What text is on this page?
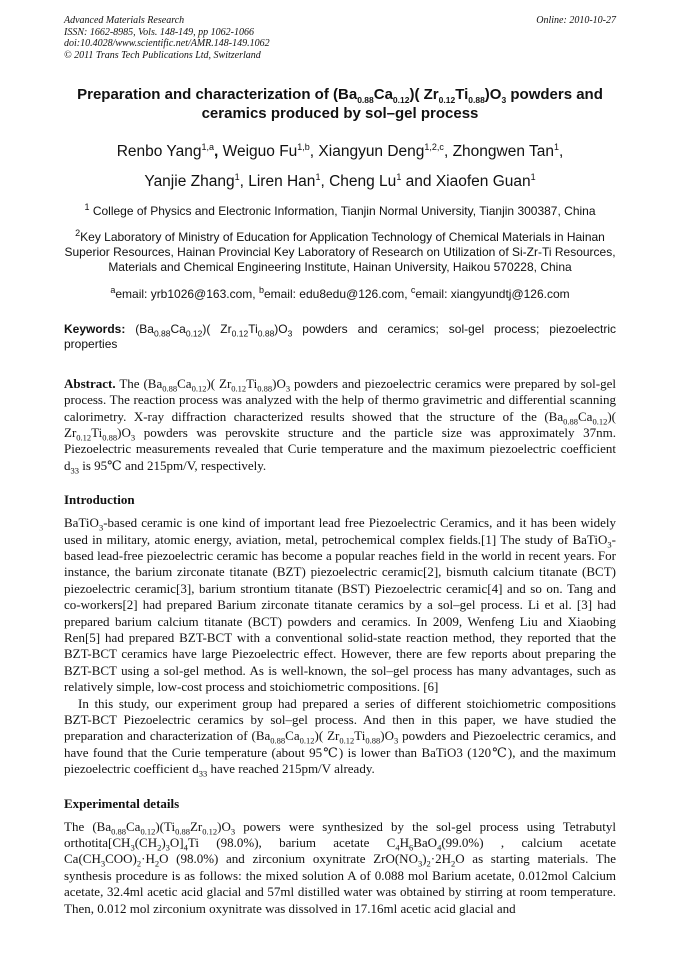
Advanced Materials Research
ISSN: 1662-8985, Vols. 148-149, pp 1062-1066
doi:10.4028/www.scientific.net/AMR.148-149.1062
© 2011 Trans Tech Publications Ltd, Switzerland
Online: 2010-10-27
Preparation and characterization of $(Ba_{0.88}Ca_{0.12})$( $Zr_{0.12}Ti_{0.88})O_3$ powders and ceramics produced by sol–gel process
Renbo Yang$^{1,a}$, Weiguo Fu$^{1,b}$, Xiangyun Deng$^{1,2,c}$, Zhongwen Tan$^1$,
Yanjie Zhang$^1$, Liren Han$^1$, Cheng Lu$^1$ and Xiaofen Guan$^1$
$^1$ College of Physics and Electronic Information, Tianjin Normal University, Tianjin 300387, China
$^2$Key Laboratory of Ministry of Education for Application Technology of Chemical Materials in Hainan Superior Resources, Hainan Provincial Key Laboratory of Research on Utilization of Si-Zr-Ti Resources, Materials and Chemical Engineering Institute, Hainan University, Haikou 570228, China
$^a$email: yrb1026@163.com, $^b$email: edu8edu@126.com, $^c$email: xiangyundtj@126.com
Keywords: $(Ba_{0.88}Ca_{0.12})$( $Zr_{0.12}Ti_{0.88})O_3$ powders and ceramics; sol-gel process; piezoelectric properties
Abstract. The $(Ba_{0.88}Ca_{0.12})$( $Zr_{0.12}Ti_{0.88})O_3$ powders and piezoelectric ceramics were prepared by sol-gel process. The reaction process was analyzed with the help of thermo gravimetric and differential scanning calorimetry. X-ray diffraction characterized results showed that the structure of the $(Ba_{0.88}Ca_{0.12})$( $Zr_{0.12}Ti_{0.88})O_3$ powders was perovskite structure and the particle size was approximately 37nm. Piezoelectric measurements revealed that Curie temperature and the maximum piezoelectric coefficient $d_{33}$ is 95℃ and 215pm/V, respectively.
Introduction

BaTiO$_3$-based ceramic is one kind of important lead free Piezoelectric Ceramics, and it has been widely used in military, atomic energy, aviation, metal, petrochemical complex fields.[1] The study of BaTiO$_3$-based lead-free piezoelectric ceramic has become a popular reaches field in the world in recent years. For instance, the barium zirconate titanate (BZT) piezoelectric ceramic[2], bismuth calcium titanate (BCT) piezoelectric ceramic[3], barium strontium titanate (BST) Piezoelectric ceramic[4] and so on. Tang and co-workers[2] had prepared Barium zirconate titanate ceramics by a sol–gel process. Li et al. [3] had prepared barium calcium titanate (BCT) powders and ceramics. In 2009, Wenfeng Liu and Xiaobing Ren[5] had prepared BZT-BCT with a conventional solid-state reaction method, they reported that the BZT-BCT ceramics have large Piezoelectric effect. However, there are few reports about preparing the BZT-BCT using a sol-gel method. As is well-known, the sol–gel process has many advantages, such as relatively simple, low-cost process and stoichiometric compositions. [6]

In this study, our experiment group had prepared a series of different stoichiometric compositions BZT-BCT Piezoelectric ceramics by sol–gel process. And then in this paper, we have studied the preparation and characterization of $(Ba_{0.88}Ca_{0.12})$( $Zr_{0.12}Ti_{0.88})O_3$ powders and Piezoelectric ceramics, and have found that the Curie temperature (about 95℃) is lower than BaTiO3 (120℃), and the maximum piezoelectric coefficient $d_{33}$ have reached 215pm/V already.

Experimental details

The $(Ba_{0.88}Ca_{0.12})(Ti_{0.88}Zr_{0.12})O_3$ powers were synthesized by the sol-gel process using Tetrabutyl $orthotita[CH_3(CH_2)_3O]_4Ti$ (98.0%), barium acetate $C_4H_6BaO_4(99.0\%)$ , calcium acetate $Ca(CH_3COO)_2\cdot H_2O$ (98.0%) and zirconium oxynitrate $ZrO(NO_3)_2\cdot 2H_2O$ as starting materials. The synthesis procedure is as follows: the mixed solution A of 0.088 mol Barium acetate, 0.012mol Calcium acetate, 32.4ml acetic acid glacial and 57ml distilled water was obtained by stirring at room temperature. Then, 0.012 mol zirconium oxynitrate was dissolved in 17.16ml acetic acid glacial and
